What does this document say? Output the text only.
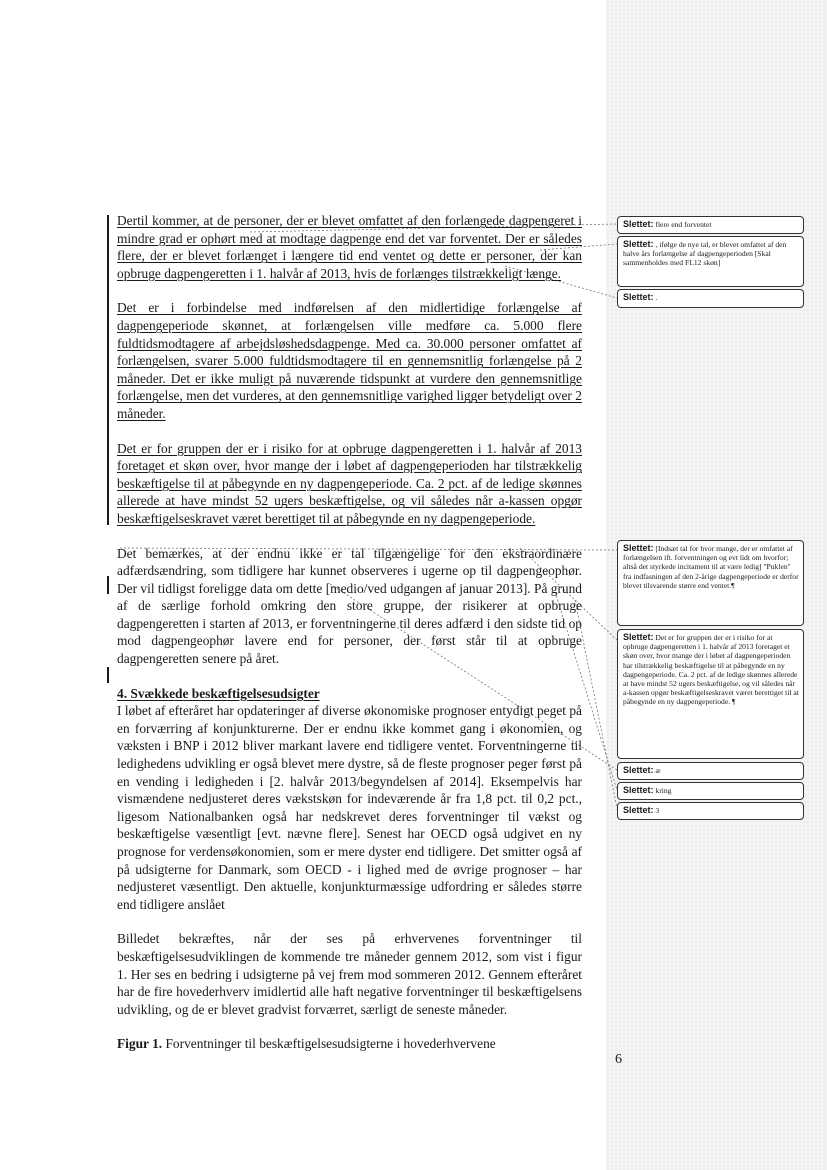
Dertil kommer, at de personer, der er blevet omfattet af den forlængede dagpengeret i mindre grad er ophørt med at modtage dagpenge end det var forventet. Der er således flere, der er blevet forlænget i længere tid end ventet og dette er personer, der kan opbruge dagpengeretten i 1. halvår af 2013, hvis de forlænges tilstrækkeligt længe.

Det er i forbindelse med indførelsen af den midlertidige forlængelse af dagpengeperiode skønnet, at forlængelsen ville medføre ca. 5.000 flere fuldtidsmodtagere af arbejdsløshedsdagpenge. Med ca. 30.000 personer omfattet af forlængelsen, svarer 5.000 fuldtidsmodtagere til en gennemsnitlig forlængelse på 2 måneder. Det er ikke muligt på nuværende tidspunkt at vurdere den gennemsnitlige forlængelse, men det vurderes, at den gennemsnitlige varighed ligger betydeligt over 2 måneder.

Det er for gruppen der er i risiko for at opbruge dagpengeretten i 1. halvår af 2013 foretaget et skøn over, hvor mange der i løbet af dagpengeperioden har tilstrækkelig beskæftigelse til at påbegynde en ny dagpengeperiode. Ca. 2 pct. af de ledige skønnes allerede at have mindst 52 ugers beskæftigelse, og vil således når a-kassen opgør beskæftigelseskravet været berettiget til at påbegynde en ny dagpengeperiode.

Det bemærkes, at der endnu ikke er tal tilgængelige for den ekstraordinære adfærdsændring, som tidligere har kunnet observeres i ugerne op til dagpengeophør. Der vil tidligst foreligge data om dette [medio/ved udgangen af januar 2013]. På grund af de særlige forhold omkring den store gruppe, der risikerer at opbruge dagpengeretten i starten af 2013, er forventningerne til deres adfærd i den sidste tid op mod dagpengeophør lavere end for personer, der først står til at opbruge dagpengeretten senere på året.

4. Svækkede beskæftigelsesudsigter

I løbet af efteråret har opdateringer af diverse økonomiske prognoser entydigt peget på en forværring af konjunkturerne. Der er endnu ikke kommet gang i økonomien, og væksten i BNP i 2012 bliver markant lavere end tidligere ventet. Forventningerne til ledighedens udvikling er også blevet mere dystre, så de fleste prognoser peger først på en vending i ledigheden i [2. halvår 2013/begyndelsen af 2014]. Eksempelvis har vismændene nedjusteret deres vækstskøn for indeværende år fra 1,8 pct. til 0,2 pct., ligesom Nationalbanken også har nedskrevet deres forventninger til vækst og beskæftigelse væsentligt [evt. nævne flere]. Senest har OECD også udgivet en ny prognose for verdensøkonomien, som er mere dyster end tidligere. Det smitter også af på udsigterne for Danmark, som OECD - i lighed med de øvrige prognoser – har nedjusteret væsentligt. Den aktuelle, konjunkturmæssige udfordring er således større end tidligere anslået

Billedet bekræftes, når der ses på erhvervenes forventninger til beskæftigelsesudviklingen de kommende tre måneder gennem 2012, som vist i figur 1. Her ses en bedring i udsigterne på vej frem mod sommeren 2012. Gennem efteråret har de fire hovederhverv imidlertid alle haft negative forventninger til beskæftigelsens udvikling, og de er blevet gradvist forværret, særligt de seneste måneder.

Figur 1. Forventninger til beskæftigelsesudsigterne i hovederhvervene

6
Slettet: flere end forventet
Slettet: , ifølge de nye tal, er blevet omfattet af den halve års forlængelse af dagpengeperioden [Skal sammenholdes med FL12 skøn]
Slettet: .
Slettet: [Indsæt tal for hvor mange, der er omfattet af forlængelsen ift. forventningen og evt lidt om hvorfor; altså det styrkede incitament til at være ledig] "Puklen" fra indfasningen af den 2-årige dagpengeperiode er derfor blevet tilsvarende større end ventet.¶
Slettet: Det er for gruppen der er i risiko for at opbruge dagpengeretten i 1. halvår af 2013 foretaget et skøn over, hvor mange der i løbet af dagpengeperioden har tilstrækkelig beskæftigelse til at påbegynde en ny dagpengeperiode. Ca. 2 pct. af de ledige skønnes allerede at have mindst 52 ugers beskæftigelse, og vil således når a-kassen opgør beskæftigelseskravet været berettiget til at påbegynde en ny dagpengeperiode. ¶
Slettet: æ
Slettet: kring
Slettet: 3
